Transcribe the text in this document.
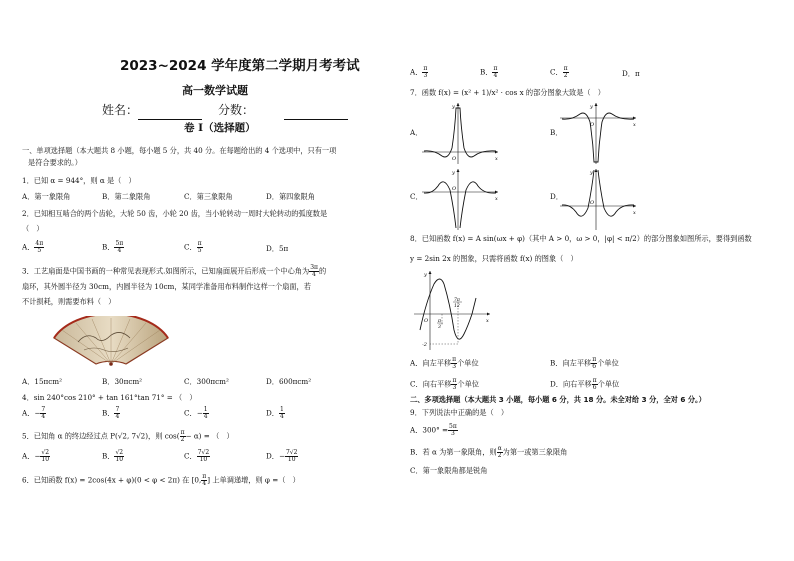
2023~2024 学年度第二学期月考考试
高一数学试题
姓名：	分数：
卷 I（选择题）
一、单项选择题（本大题共 8 小题，每小题 5 分，共 40 分。在每题给出的 4 个选项中，只有一项
是符合要求的。）
1．已知 α = 944°，则 α 是（　）
A．第一象限角	B．第二象限角	C．第三象限角	D．第四象限角
2．已知相互啮合的两个齿轮，大轮 50 齿，小轮 20 齿，当小轮转动一周时大轮转动的弧度数是
（　）
A． $\frac{4\pi}{5}$	B． $\frac{5\pi}{4}$	C． $\frac{\pi}{5}$	D．5π
3．工艺扇面是中国书画的一种常见表现形式.如图所示，已知扇面展开后形成一个中心角为 $\frac{3\pi}{4}$ 的
扇环，其外圆半径为 30cm，内圆半径为 10cm，某同学准备用布料制作这样一个扇面，若
不计损耗，则需要布料（　）
A．15πcm²	B．30πcm²	C．300πcm²	D．600πcm²
4．sin 240°cos 210° + tan 161°tan 71° = （　）
A．− $\frac{7}{4}$	B． $\frac{7}{4}$	C．− $\frac{1}{4}$	D． $\frac{1}{4}$
5．已知角 α 的终边经过点 P(√2, 7√2)，则 $\cos( \frac{\pi}{2} - \alpha)$ = （　）
A．− $\frac{√2}{10}$	B． $\frac{√2}{10}$	C． $\frac{7√2}{10}$	D．− $\frac{7√2}{10}$
6．已知函数 f(x) = 2cos(4x + φ)(0 < φ < 2π) 在 [0, $\frac{\pi}{4}$ ] 上单调递增，则 φ =（　）
A． $\frac{\pi}{3}$	B． $\frac{\pi}{4}$	C． $\frac{\pi}{2}$	D．π
7．函数 f(x) = (x² + 1)/x² · cos x 的部分图象大致是（　）
A．
x
y
O
B．
x
y
O
C．	x
y
O
D．
x
y
O
8．已知函数 f(x) = A sin(ωx + φ)（其中 A > 0，ω > 0，|φ| < π/2）的部分图象如图所示，要得到函数
y = 2sin 2x 的图象，只需将函数 f(x) 的图象（　）
x
y
O π
3
7π
12
-2
A．向左平移 $\frac{\pi}{3}$ 个单位	B．向左平移 $\frac{\pi}{6}$ 个单位
C．向右平移 $\frac{\pi}{3}$ 个单位	D．向右平移 $\frac{\pi}{6}$ 个单位
二、多项选择题（本大题共 3 小题，每小题 6 分，共 18 分。未全对给 3 分，全对 6 分。）
9．下列说法中正确的是（　）
A．$300^\circ = \frac{5\pi}{3}$
B．若 α 为第一象限角，则 $\frac{\alpha}{2}$ 为第一或第三象限角
C．第一象限角都是锐角
